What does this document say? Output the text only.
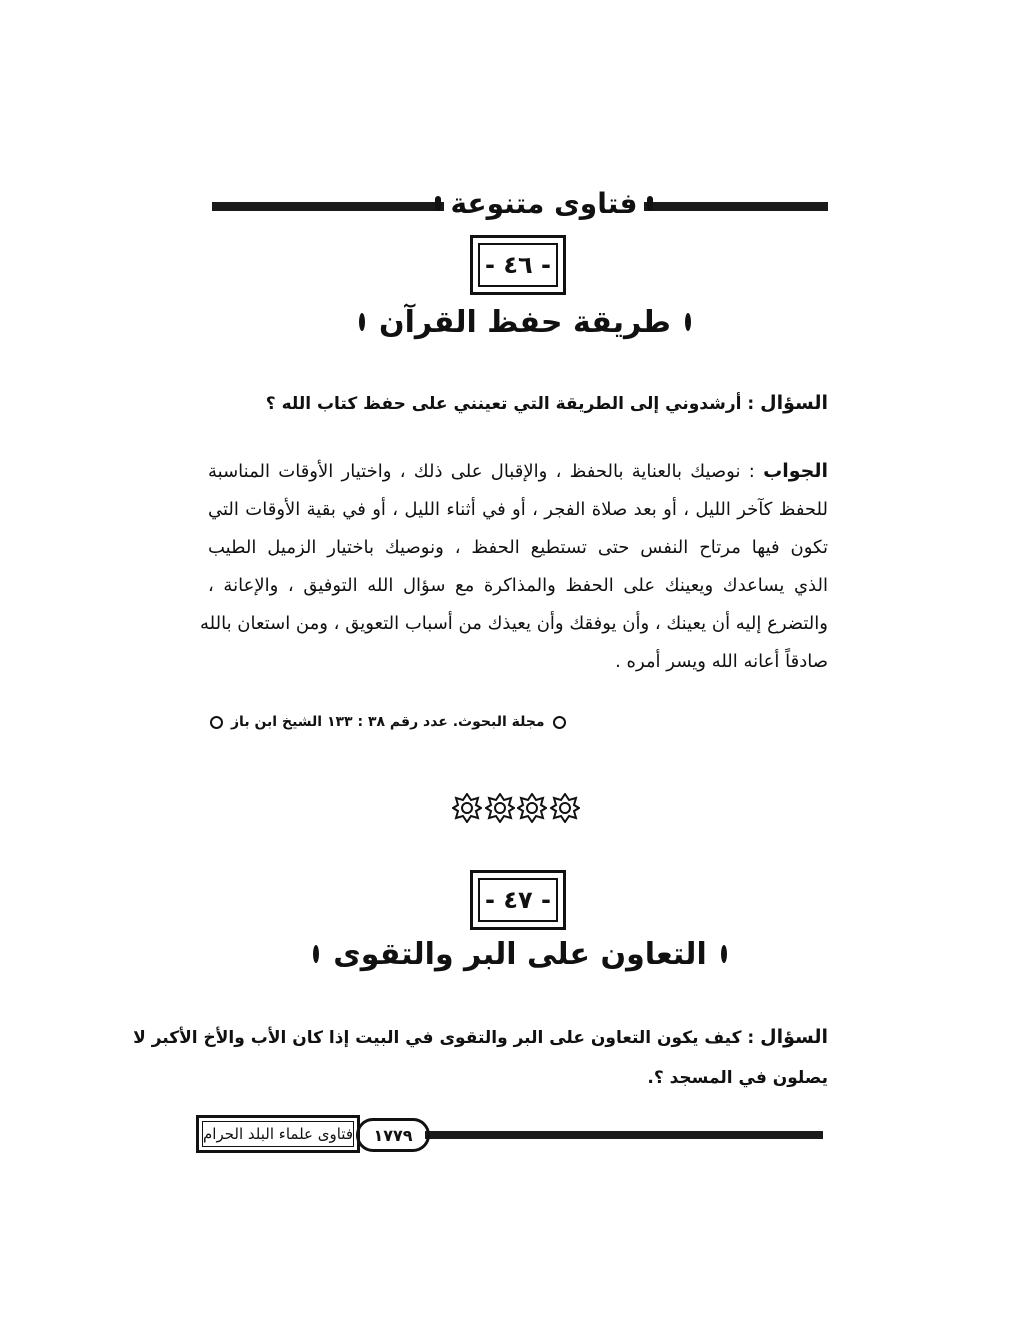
فتاوى متنوعة
- ٤٦ -
طريقة حفظ القرآن
السؤال : أرشدوني إلى الطريقة التي تعينني على حفظ كتاب الله ؟
الجواب : نوصيك بالعناية بالحفظ ، والإقبال على ذلك ، واختيار الأوقات المناسبة
للحفظ كآخر الليل ، أو بعد صلاة الفجر ، أو في أثناء الليل ، أو في بقية الأوقات التي
تكون فيها مرتاح النفس حتى تستطيع الحفظ ، ونوصيك باختيار الزميل الطيب
الذي يساعدك ويعينك على الحفظ والمذاكرة مع سؤال الله التوفيق ، والإعانة ،
والتضرع إليه أن يعينك ، وأن يوفقك وأن يعيذك من أسباب التعويق ، ومن استعان بالله
صادقاً أعانه الله ويسر أمره .
مجلة البحوث. عدد رقم ٣٨ : ١٣٣ الشيخ ابن باز
- ٤٧ -
التعاون على البر والتقوى
السؤال : كيف يكون التعاون على البر والتقوى في البيت إذا كان الأب والأخ الأكبر لا
يصلون في المسجد ؟.
١٧٧٩
فتاوى علماء البلد الحرام
